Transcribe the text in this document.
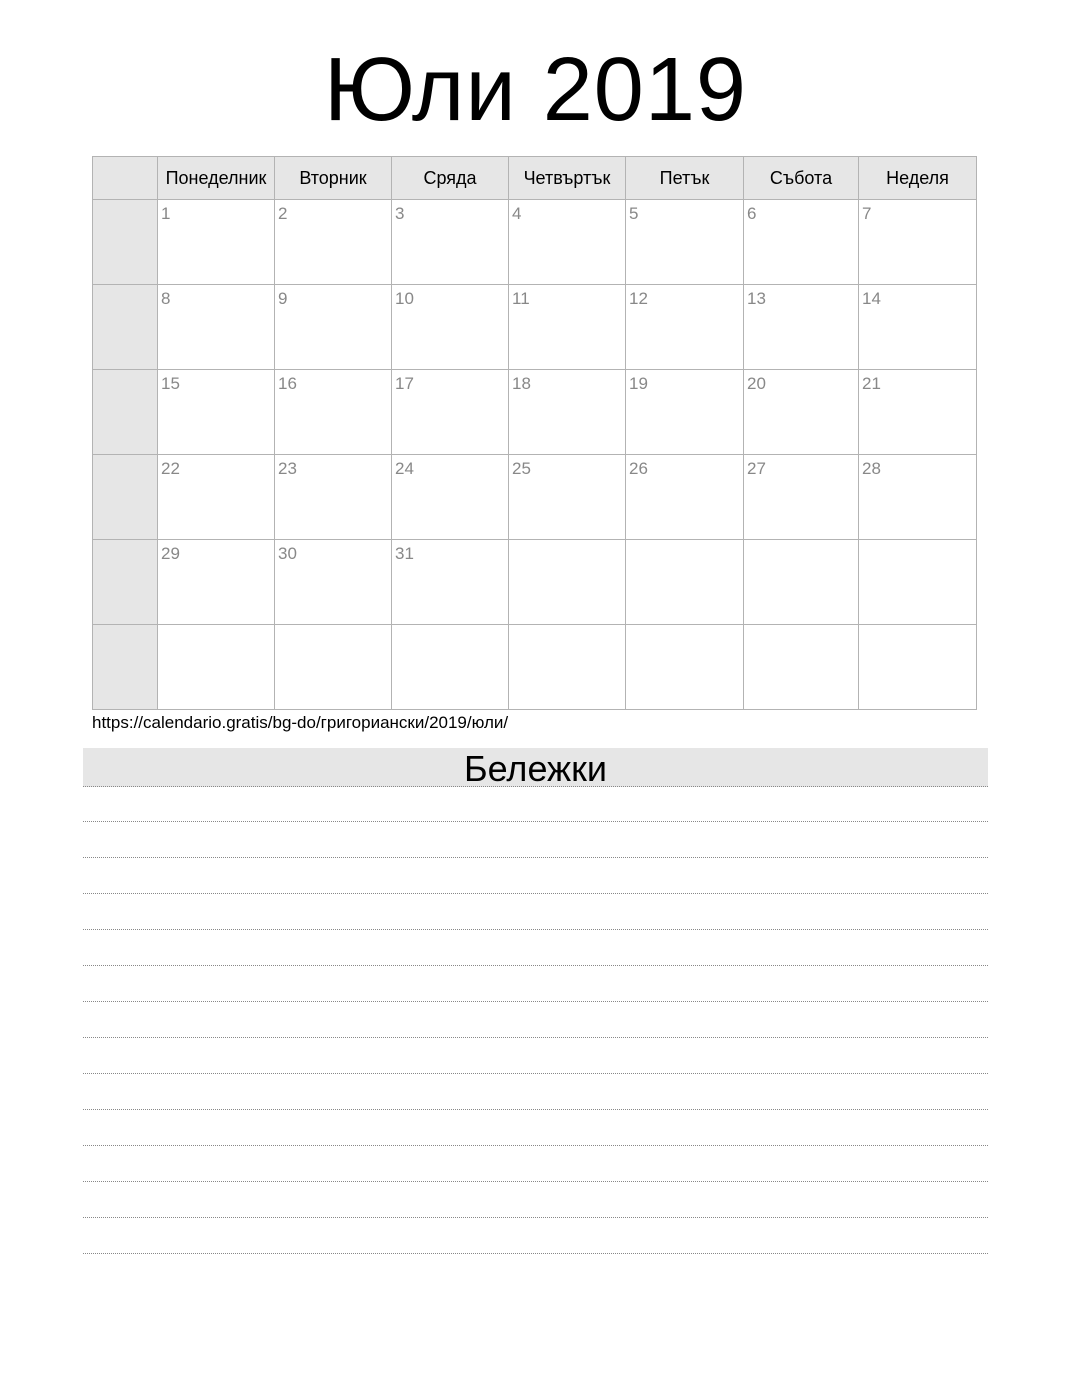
Юли 2019
	Понеделник	Вторник	Сряда	Четвъртък	Петък	Събота	Неделя

	1	2	3	4	5	6	7

	8	9	10	11	12	13	14

	15	16	17	18	19	20	21

	22	23	24	25	26	27	28

	29	30	31				

https://calendario.gratis/bg-do/григориански/2019/юли/
Бележки
